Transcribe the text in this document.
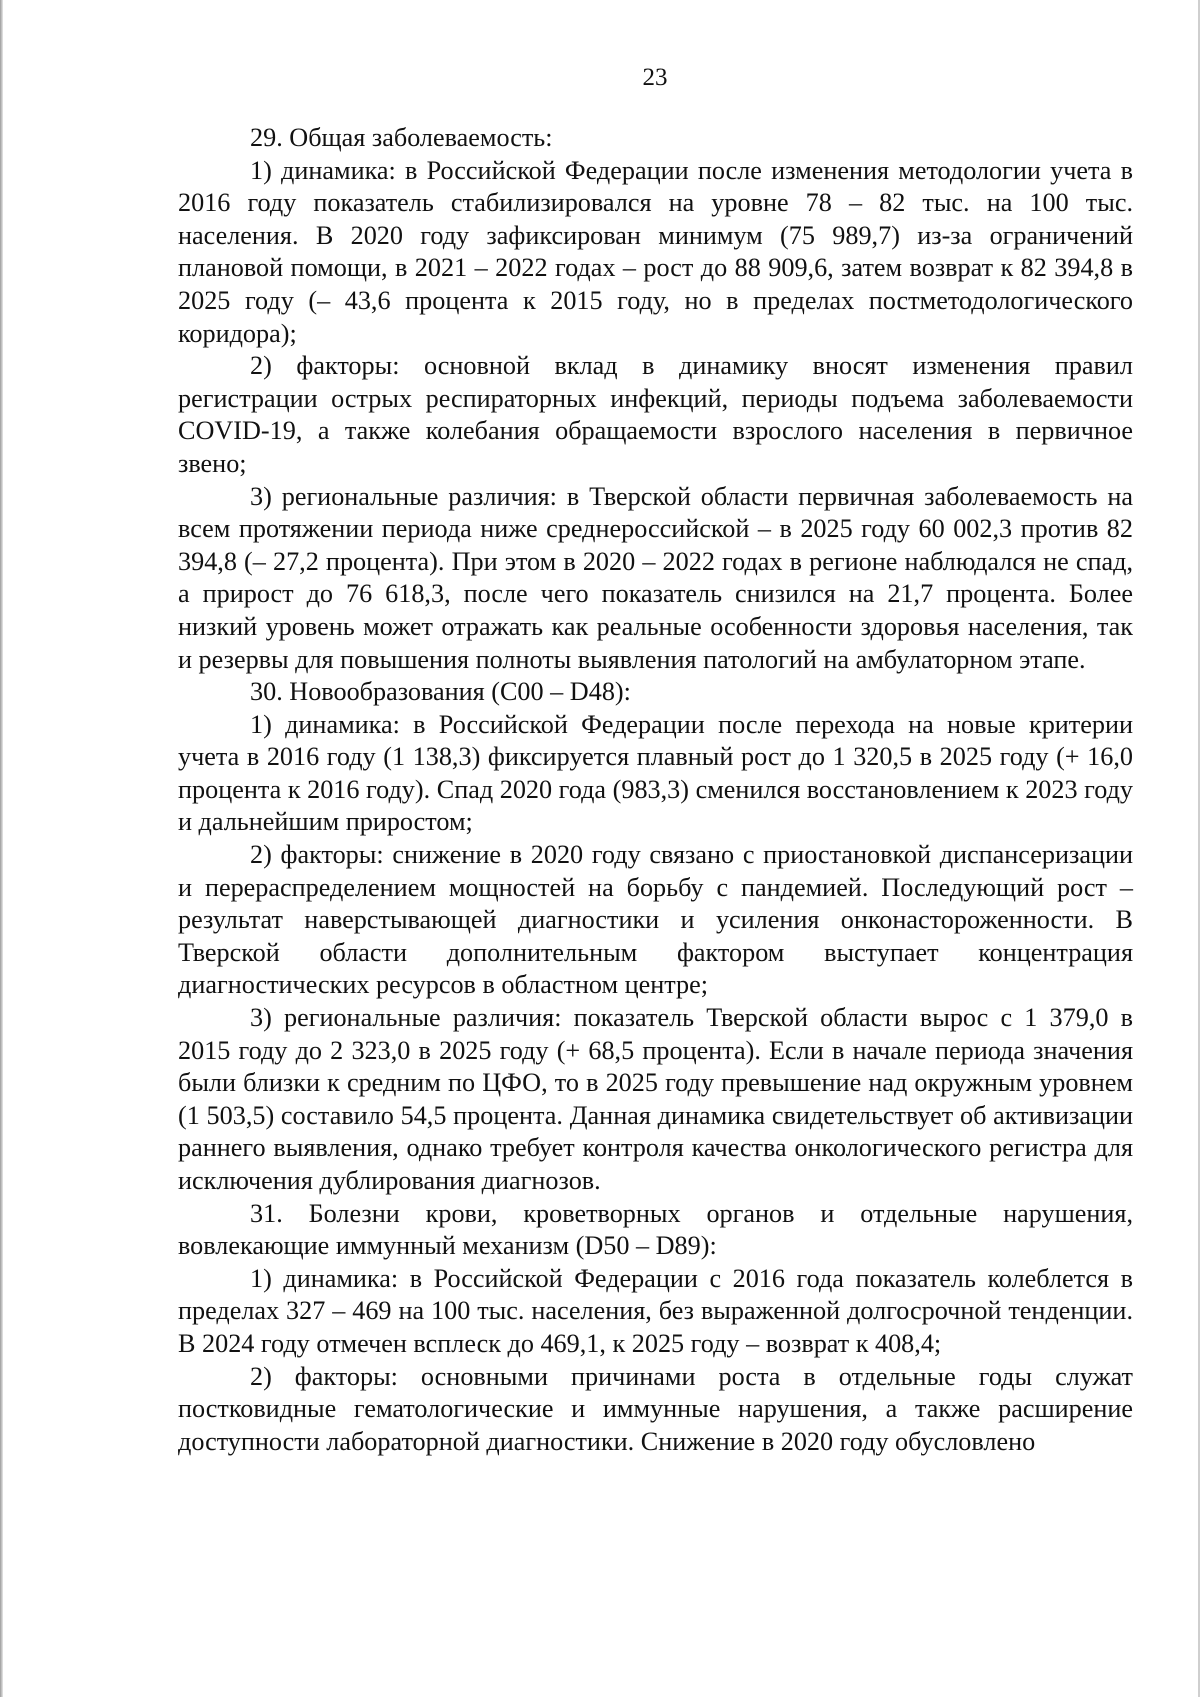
23

29. Общая заболеваемость:

1) динамика: в Российской Федерации после изменения методологии учета в 2016 году показатель стабилизировался на уровне 78 – 82 тыс. на 100 тыс. населения. В 2020 году зафиксирован минимум (75 989,7) из-за ограничений плановой помощи, в 2021 – 2022 годах – рост до 88 909,6, затем возврат к 82 394,8 в 2025 году (– 43,6 процента к 2015 году, но в пределах постметодологического коридора);

2) факторы: основной вклад в динамику вносят изменения правил регистрации острых респираторных инфекций, периоды подъема заболеваемости COVID-19, а также колебания обращаемости взрослого населения в первичное звено;

3) региональные различия: в Тверской области первичная заболеваемость на всем протяжении периода ниже среднероссийской – в 2025 году 60 002,3 против 82 394,8 (– 27,2 процента). При этом в 2020 – 2022 годах в регионе наблюдался не спад, а прирост до 76 618,3, после чего показатель снизился на 21,7 процента. Более низкий уровень может отражать как реальные особенности здоровья населения, так и резервы для повышения полноты выявления патологий на амбулаторном этапе.

30. Новообразования (C00 – D48):

1) динамика: в Российской Федерации после перехода на новые критерии учета в 2016 году (1 138,3) фиксируется плавный рост до 1 320,5 в 2025 году (+ 16,0 процента к 2016 году). Спад 2020 года (983,3) сменился восстановлением к 2023 году и дальнейшим приростом;

2) факторы: снижение в 2020 году связано с приостановкой диспансеризации и перераспределением мощностей на борьбу с пандемией. Последующий рост – результат наверстывающей диагностики и усиления онконастороженности. В Тверской области дополнительным фактором выступает концентрация диагностических ресурсов в областном центре;

3) региональные различия: показатель Тверской области вырос с 1 379,0 в 2015 году до 2 323,0 в 2025 году (+ 68,5 процента). Если в начале периода значения были близки к средним по ЦФО, то в 2025 году превышение над окружным уровнем (1 503,5) составило 54,5 процента. Данная динамика свидетельствует об активизации раннего выявления, однако требует контроля качества онкологического регистра для исключения дублирования диагнозов.

31. Болезни крови, кроветворных органов и отдельные нарушения, вовлекающие иммунный механизм (D50 – D89):

1) динамика: в Российской Федерации с 2016 года показатель колеблется в пределах 327 – 469 на 100 тыс. населения, без выраженной долгосрочной тенденции. В 2024 году отмечен всплеск до 469,1, к 2025 году – возврат к 408,4;

2) факторы: основными причинами роста в отдельные годы служат постковидные гематологические и иммунные нарушения, а также расширение доступности лабораторной диагностики. Снижение в 2020 году обусловлено
